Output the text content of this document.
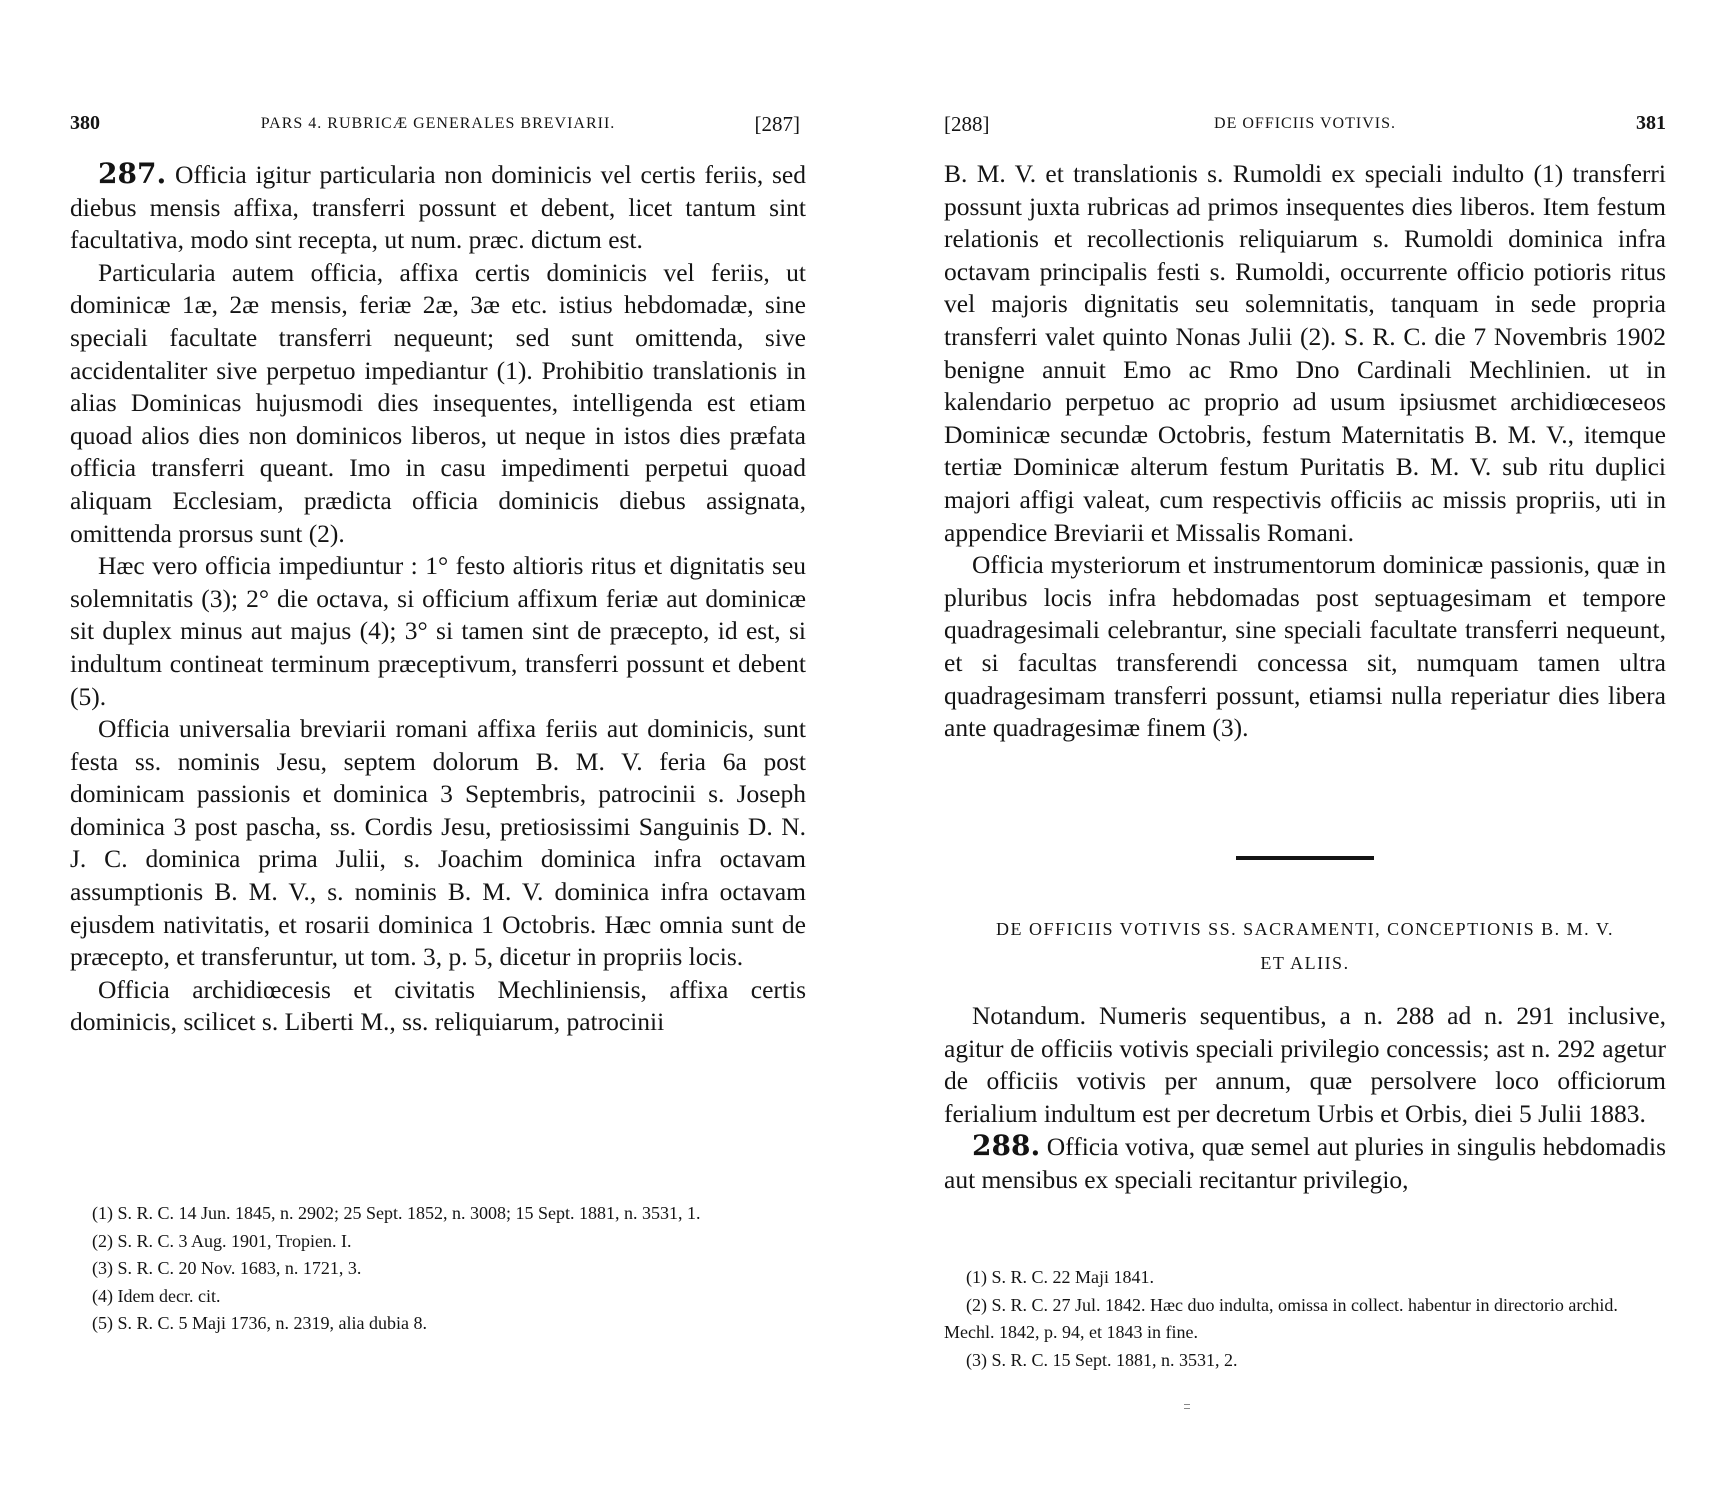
380	PARS 4. RUBRICÆ GENERALES BREVIARII.	[287]

287. Officia igitur particularia non dominicis vel certis feriis, sed diebus mensis affixa, transferri possunt et debent, licet tantum sint facultativa, modo sint recepta, ut num. præc. dictum est.

Particularia autem officia, affixa certis dominicis vel feriis, ut dominicæ 1æ, 2æ mensis, feriæ 2æ, 3æ etc. istius hebdomadæ, sine speciali facultate transferri nequeunt; sed sunt omittenda, sive accidentaliter sive perpetuo impediantur (1). Prohibitio translationis in alias Dominicas hujusmodi dies insequentes, intelligenda est etiam quoad alios dies non dominicos liberos, ut neque in istos dies præfata officia transferri queant. Imo in casu impedimenti perpetui quoad aliquam Ecclesiam, prædicta officia dominicis diebus assignata, omittenda prorsus sunt (2).

Hæc vero officia impediuntur : 1° festo altioris ritus et dignitatis seu solemnitatis (3); 2° die octava, si officium affixum feriæ aut dominicæ sit duplex minus aut majus (4); 3° si tamen sint de præcepto, id est, si indultum contineat terminum præceptivum, transferri possunt et debent (5).

Officia universalia breviarii romani affixa feriis aut dominicis, sunt festa ss. nominis Jesu, septem dolorum B. M. V. feria 6a post dominicam passionis et dominica 3 Septembris, patrocinii s. Joseph dominica 3 post pascha, ss. Cordis Jesu, pretiosissimi Sanguinis D. N. J. C. dominica prima Julii, s. Joachim dominica infra octavam assumptionis B. M. V., s. nominis B. M. V. dominica infra octavam ejusdem nativitatis, et rosarii dominica 1 Octobris. Hæc omnia sunt de præcepto, et transferuntur, ut tom. 3, p. 5, dicetur in propriis locis.

Officia archidiœcesis et civitatis Mechliniensis, affixa certis dominicis, scilicet s. Liberti M., ss. reliquiarum, patrocinii

(1) S. R. C. 14 Jun. 1845, n. 2902; 25 Sept. 1852, n. 3008; 15 Sept. 1881, n. 3531, 1.

(2) S. R. C. 3 Aug. 1901, Tropien. I.

(3) S. R. C. 20 Nov. 1683, n. 1721, 3.

(4) Idem decr. cit.

(5) S. R. C. 5 Maji 1736, n. 2319, alia dubia 8.

[288]	DE OFFICIIS VOTIVIS.	381

B. M. V. et translationis s. Rumoldi ex speciali indulto (1) transferri possunt juxta rubricas ad primos insequentes dies liberos. Item festum relationis et recollectionis reliquiarum s. Rumoldi dominica infra octavam principalis festi s. Rumoldi, occurrente officio potioris ritus vel majoris dignitatis seu solemnitatis, tanquam in sede propria transferri valet quinto Nonas Julii (2). S. R. C. die 7 Novembris 1902 benigne annuit Emo ac Rmo Dno Cardinali Mechlinien. ut in kalendario perpetuo ac proprio ad usum ipsiusmet archidiœceseos Dominicæ secundæ Octobris, festum Maternitatis B. M. V., itemque tertiæ Dominicæ alterum festum Puritatis B. M. V. sub ritu duplici majori affigi valeat, cum respectivis officiis ac missis propriis, uti in appendice Breviarii et Missalis Romani.

Officia mysteriorum et instrumentorum dominicæ passionis, quæ in pluribus locis infra hebdomadas post septuagesimam et tempore quadragesimali celebrantur, sine speciali facultate transferri nequeunt, et si facultas transferendi concessa sit, numquam tamen ultra quadragesimam transferri possunt, etiamsi nulla reperiatur dies libera ante quadragesimæ finem (3).

DE OFFICIIS VOTIVIS SS. SACRAMENTI, CONCEPTIONIS B. M. V.
ET ALIIS.

Notandum. Numeris sequentibus, a n. 288 ad n. 291 inclusive, agitur de officiis votivis speciali privilegio concessis; ast n. 292 agetur de officiis votivis per annum, quæ persolvere loco officiorum ferialium indultum est per decretum Urbis et Orbis, diei 5 Julii 1883.

288. Officia votiva, quæ semel aut pluries in singulis hebdomadis aut mensibus ex speciali recitantur privilegio,

(1) S. R. C. 22 Maji 1841.

(2) S. R. C. 27 Jul. 1842. Hæc duo indulta, omissa in collect. habentur in directorio archid. Mechl. 1842, p. 94, et 1843 in fine.

(3) S. R. C. 15 Sept. 1881, n. 3531, 2.
